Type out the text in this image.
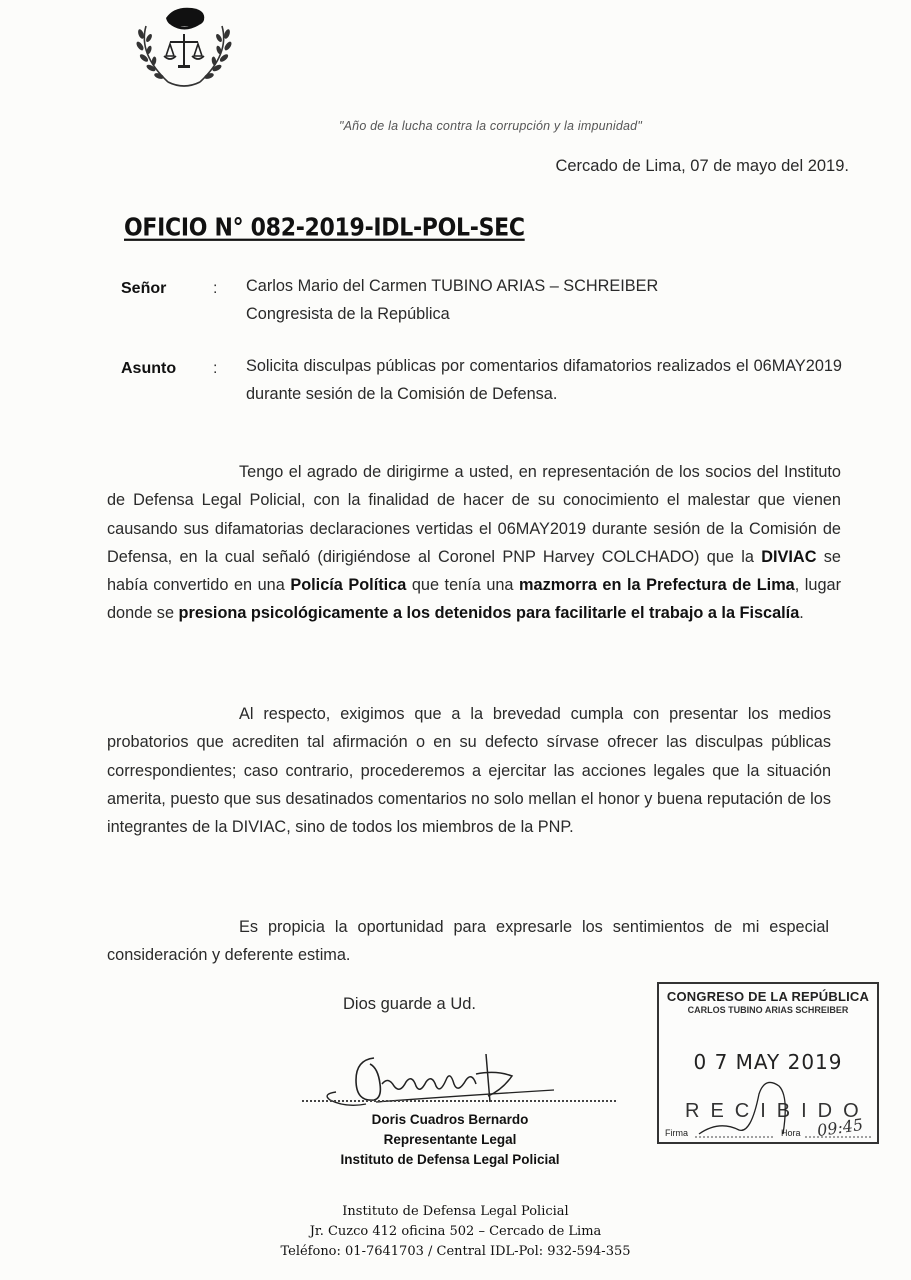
"Año de la lucha contra la corrupción y la impunidad"
Cercado de Lima, 07 de mayo del 2019.
OFICIO N° 082-2019-IDL-POL-SEC
Señor	: Carlos Mario del Carmen TUBINO ARIAS – SCHREIBER
Congresista de la República
Asunto : Solicita disculpas públicas por comentarios difamatorios realizados el 06MAY2019 durante sesión de la Comisión de Defensa.

Tengo el agrado de dirigirme a usted, en representación de los socios del Instituto de Defensa Legal Policial, con la finalidad de hacer de su conocimiento el malestar que vienen causando sus difamatorias declaraciones vertidas el 06MAY2019 durante sesión de la Comisión de Defensa, en la cual señaló (dirigiéndose al Coronel PNP Harvey COLCHADO) que la DIVIAC se había convertido en una Policía Política que tenía una mazmorra en la Prefectura de Lima, lugar donde se presiona psicológicamente a los detenidos para facilitarle el trabajo a la Fiscalía.

Al respecto, exigimos que a la brevedad cumpla con presentar los medios probatorios que acrediten tal afirmación o en su defecto sírvase ofrecer las disculpas públicas correspondientes; caso contrario, procederemos a ejercitar las acciones legales que la situación amerita, puesto que sus desatinados comentarios no solo mellan el honor y buena reputación de los integrantes de la DIVIAC, sino de todos los miembros de la PNP.

Es propicia la oportunidad para expresarle los sentimientos de mi especial consideración y deferente estima.

Dios guarde a Ud.
Doris Cuadros Bernardo
Representante Legal
Instituto de Defensa Legal Policial
CONGRESO DE LA REPÚBLICA
CARLOS TUBINO ARIAS SCHREIBER
0 7 MAY 2019
RECIBIDO
Firma	Hora 09:45
Instituto de Defensa Legal Policial
Jr. Cuzco 412 oficina 502 – Cercado de Lima
Teléfono: 01-7641703 / Central IDL-Pol: 932-594-355
